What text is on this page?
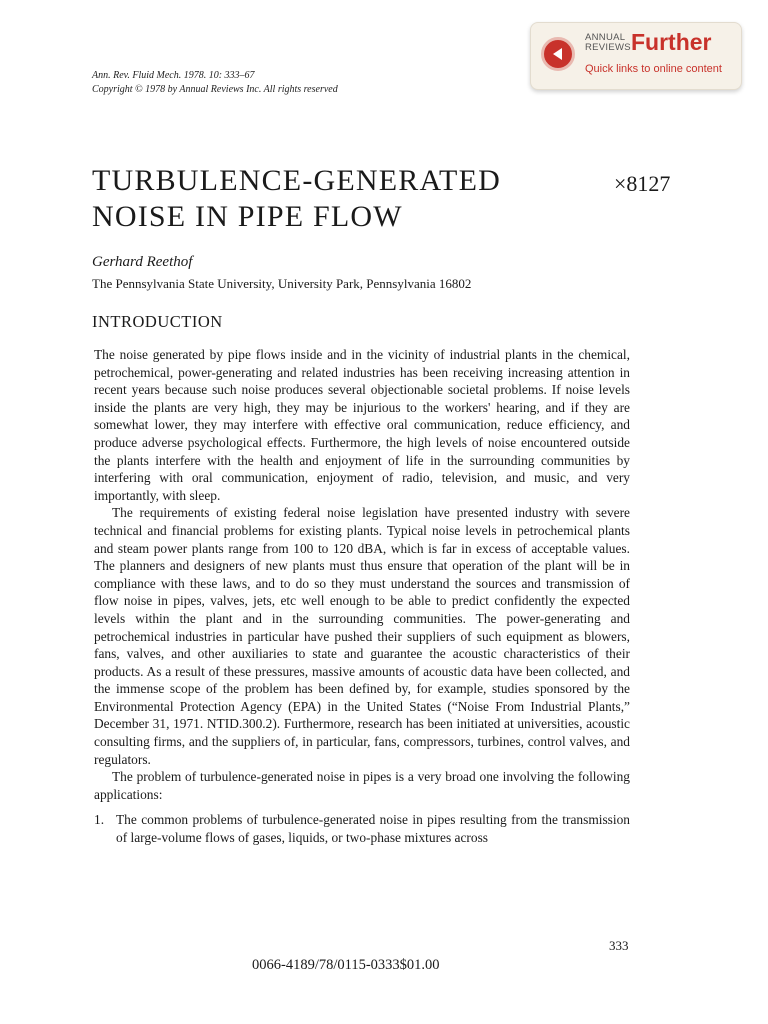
ANNUAL
REVIEWS Further
Quick links to online content
Ann. Rev. Fluid Mech. 1978. 10: 333–67
Copyright © 1978 by Annual Reviews Inc. All rights reserved
TURBULENCE-GENERATED
NOISE IN PIPE FLOW
×8127
Gerhard Reethof
The Pennsylvania State University, University Park, Pennsylvania 16802
INTRODUCTION

The noise generated by pipe flows inside and in the vicinity of industrial plants in the chemical, petrochemical, power-generating and related industries has been receiving increasing attention in recent years because such noise produces several objectionable societal problems. If noise levels inside the plants are very high, they may be injurious to the workers' hearing, and if they are somewhat lower, they may interfere with effective oral communication, reduce efficiency, and produce adverse psychological effects. Furthermore, the high levels of noise encountered outside the plants interfere with the health and enjoyment of life in the surrounding communities by interfering with oral communication, enjoyment of radio, television, and music, and very importantly, with sleep.

The requirements of existing federal noise legislation have presented industry with severe technical and financial problems for existing plants. Typical noise levels in petrochemical plants and steam power plants range from 100 to 120 dBA, which is far in excess of acceptable values. The planners and designers of new plants must thus ensure that operation of the plant will be in compliance with these laws, and to do so they must understand the sources and transmission of flow noise in pipes, valves, jets, etc well enough to be able to predict confidently the expected levels within the plant and in the surrounding communities. The power-generating and petrochemical industries in particular have pushed their suppliers of such equipment as blowers, fans, valves, and other auxiliaries to state and guarantee the acoustic characteristics of their products. As a result of these pressures, massive amounts of acoustic data have been collected, and the immense scope of the problem has been defined by, for example, studies sponsored by the Environmental Protection Agency (EPA) in the United States (“Noise From Industrial Plants,” December 31, 1971. NTID.300.2). Furthermore, research has been initiated at universities, acoustic consulting firms, and the suppliers of, in particular, fans, compressors, turbines, control valves, and regulators.

The problem of turbulence-generated noise in pipes is a very broad one involving the following applications:

1. The common problems of turbulence-generated noise in pipes resulting from the transmission of large-volume flows of gases, liquids, or two-phase mixtures across

333
0066-4189/78/0115-0333$01.00
